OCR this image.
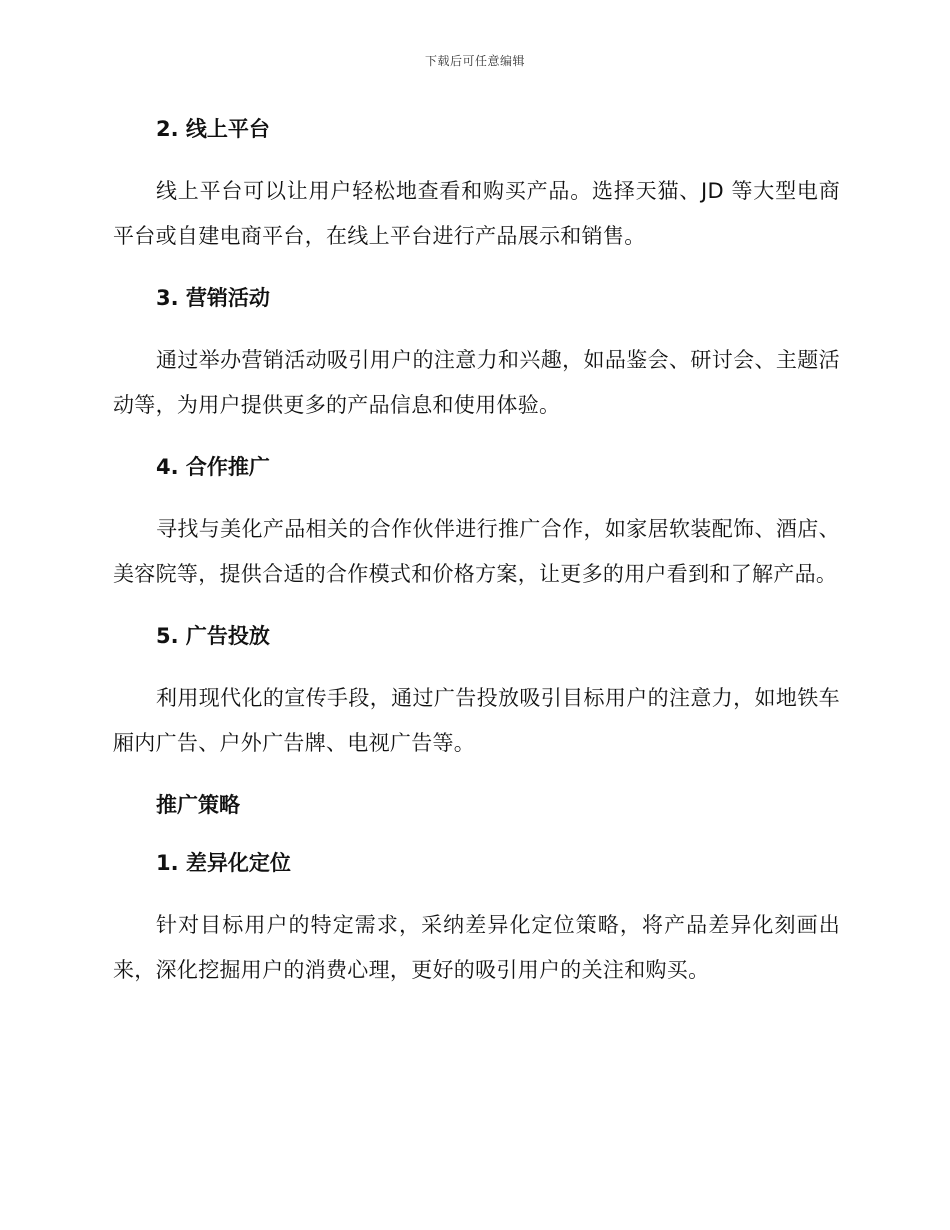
下载后可任意编辑
2. 线上平台

线上平台可以让用户轻松地查看和购买产品。选择天猫、JD 等大型电商平台或自建电商平台，在线上平台进行产品展示和销售。

3. 营销活动

通过举办营销活动吸引用户的注意力和兴趣，如品鉴会、研讨会、主题活动等，为用户提供更多的产品信息和使用体验。

4. 合作推广

寻找与美化产品相关的合作伙伴进行推广合作，如家居软装配饰、酒店、美容院等，提供合适的合作模式和价格方案，让更多的用户看到和了解产品。

5. 广告投放

利用现代化的宣传手段，通过广告投放吸引目标用户的注意力，如地铁车厢内广告、户外广告牌、电视广告等。

推广策略
1. 差异化定位

针对目标用户的特定需求，采纳差异化定位策略，将产品差异化刻画出来，深化挖掘用户的消费心理，更好的吸引用户的关注和购买。
